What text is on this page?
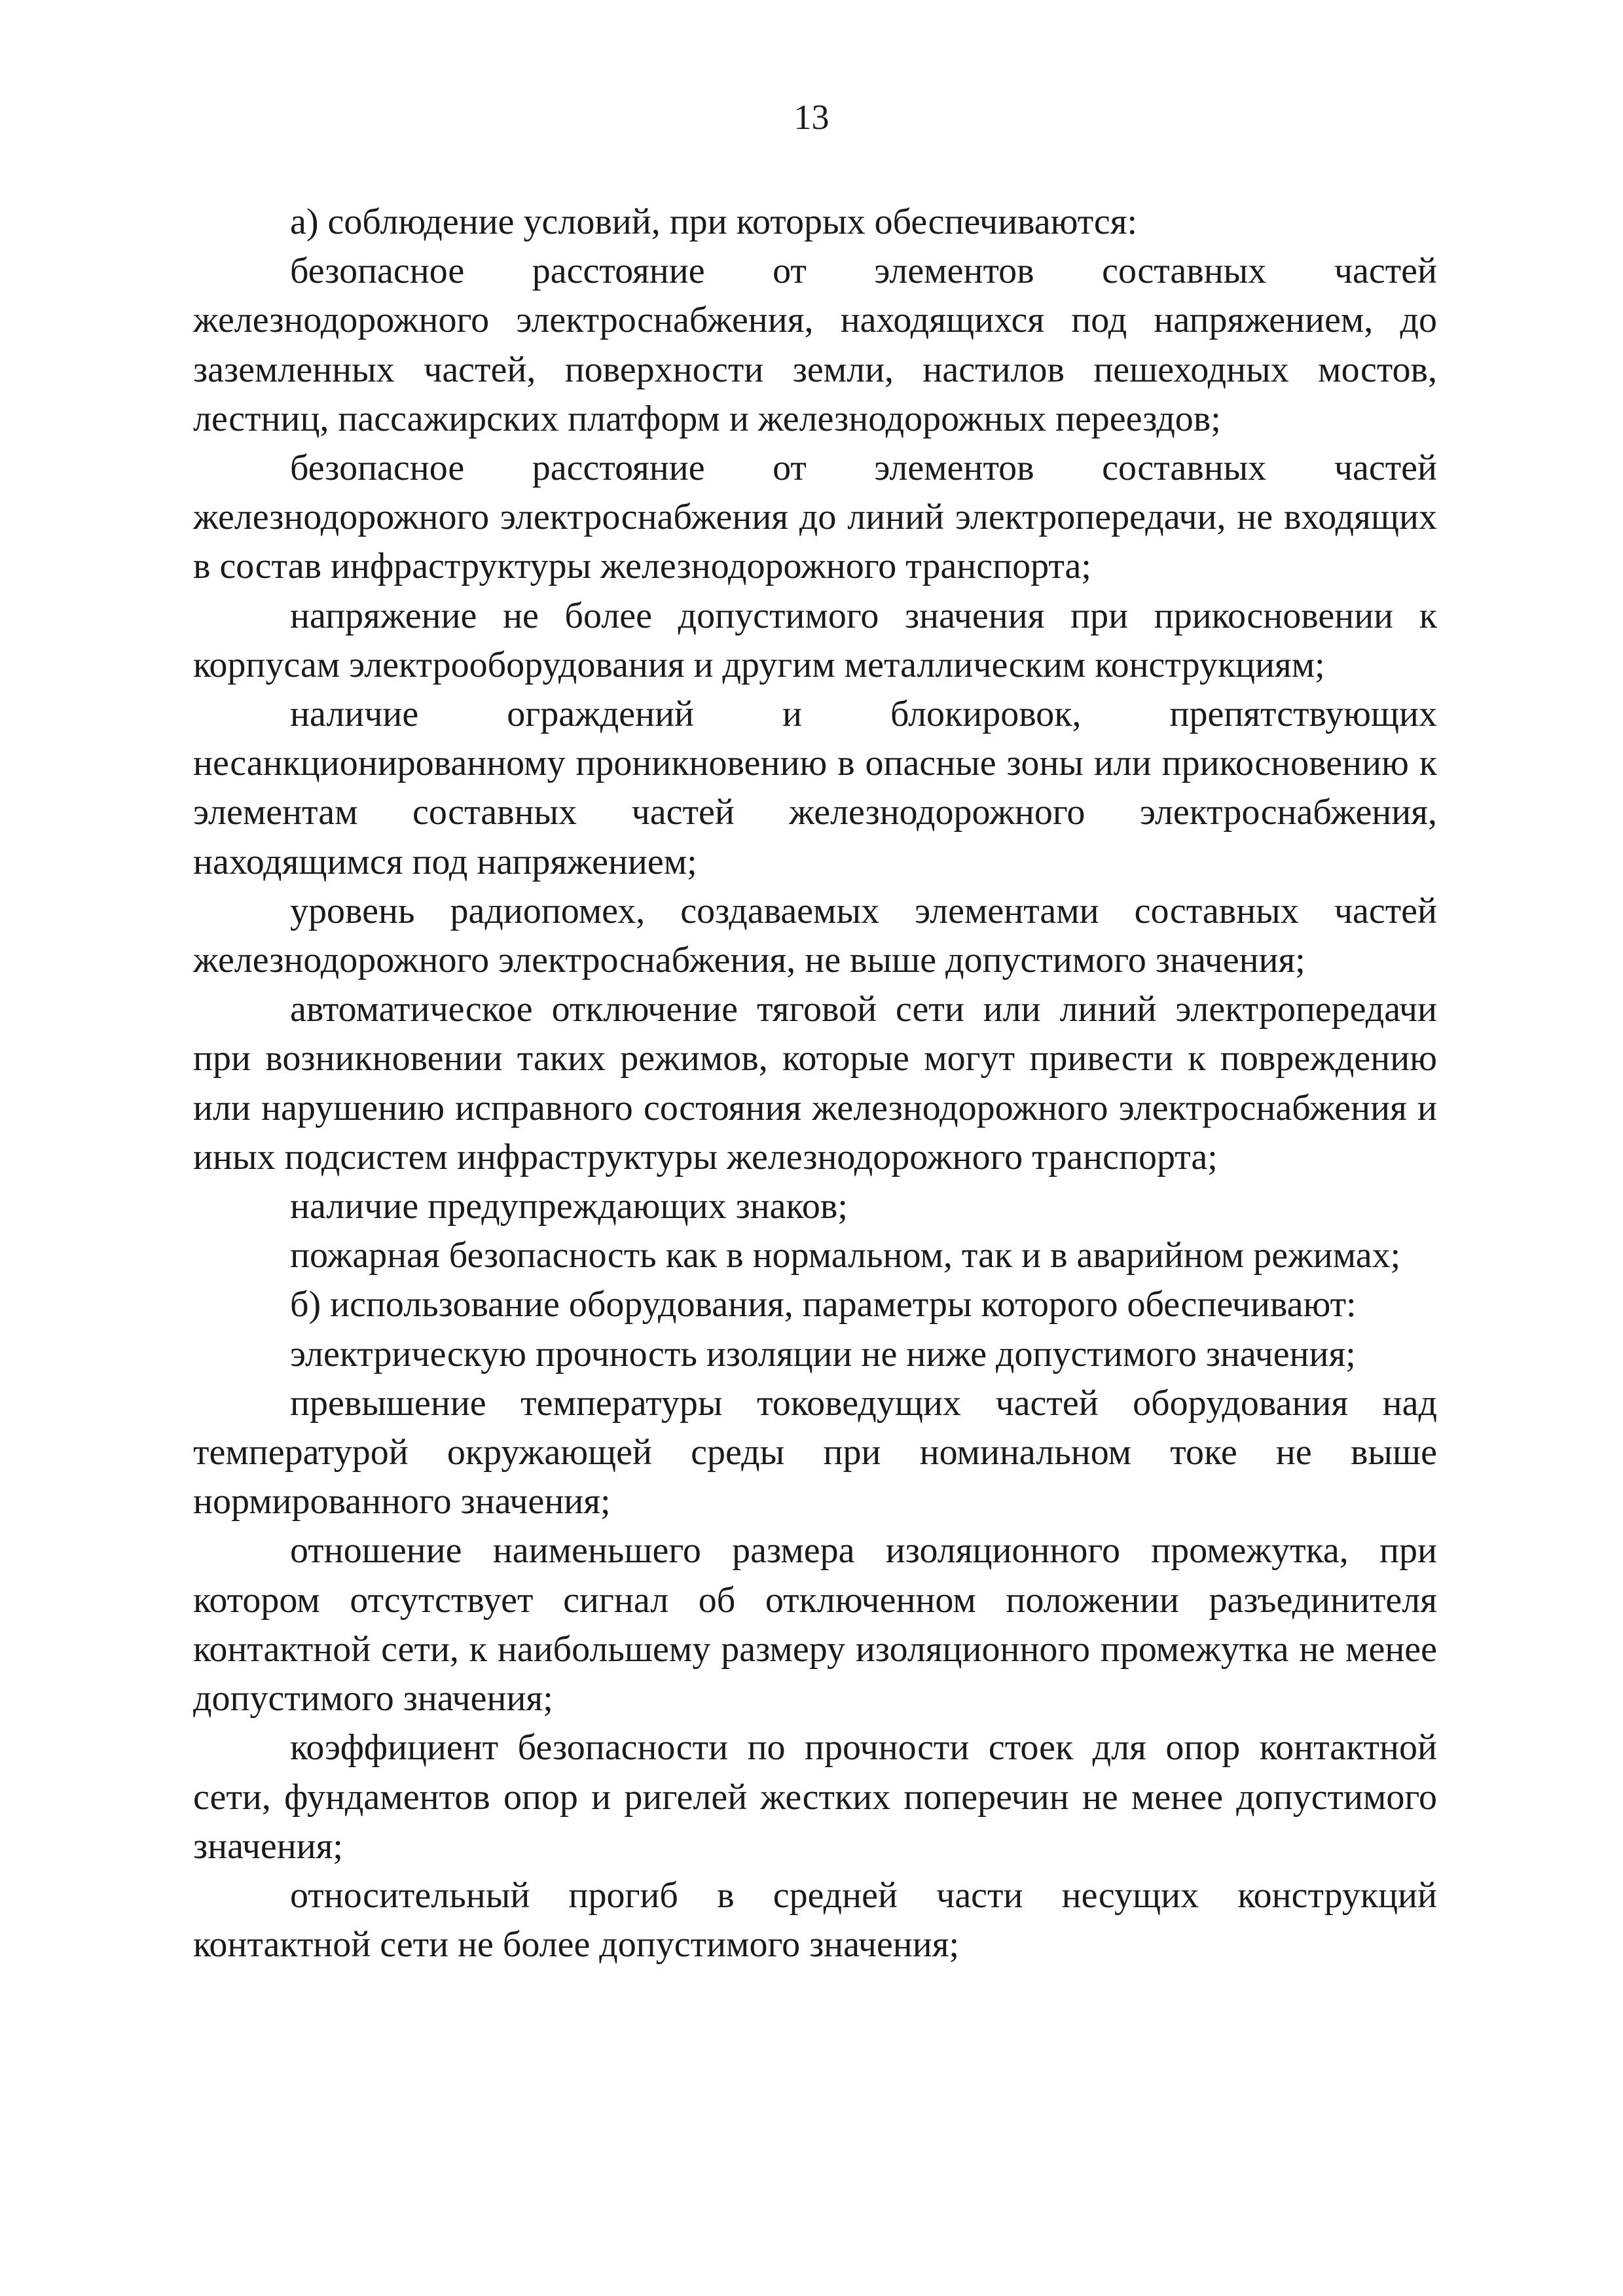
13

а) соблюдение условий, при которых обеспечиваются:

безопасное расстояние от элементов составных частей железнодорожного электроснабжения, находящихся под напряжением, до заземленных частей, поверхности земли, настилов пешеходных мостов, лестниц, пассажирских платформ и железнодорожных переездов;

безопасное расстояние от элементов составных частей железнодорожного электроснабжения до линий электропередачи, не входящих в состав инфраструктуры железнодорожного транспорта;

напряжение не более допустимого значения при прикосновении к корпусам электрооборудования и другим металлическим конструкциям;

наличие ограждений и блокировок, препятствующих несанкционированному проникновению в опасные зоны или прикосновению к элементам составных частей железнодорожного электроснабжения, находящимся под напряжением;

уровень радиопомех, создаваемых элементами составных частей железнодорожного электроснабжения, не выше допустимого значения;

автоматическое отключение тяговой сети или линий электропередачи при возникновении таких режимов, которые могут привести к повреждению или нарушению исправного состояния железнодорожного электроснабжения и иных подсистем инфраструктуры железнодорожного транспорта;

наличие предупреждающих знаков;

пожарная безопасность как в нормальном, так и в аварийном режимах;

б) использование оборудования, параметры которого обеспечивают:

электрическую прочность изоляции не ниже допустимого значения;

превышение температуры токоведущих частей оборудования над температурой окружающей среды при номинальном токе не выше нормированного значения;

отношение наименьшего размера изоляционного промежутка, при котором отсутствует сигнал об отключенном положении разъединителя контактной сети, к наибольшему размеру изоляционного промежутка не менее допустимого значения;

коэффициент безопасности по прочности стоек для опор контактной сети, фундаментов опор и ригелей жестких поперечин не менее допустимого значения;

относительный прогиб в средней части несущих конструкций контактной сети не более допустимого значения;
